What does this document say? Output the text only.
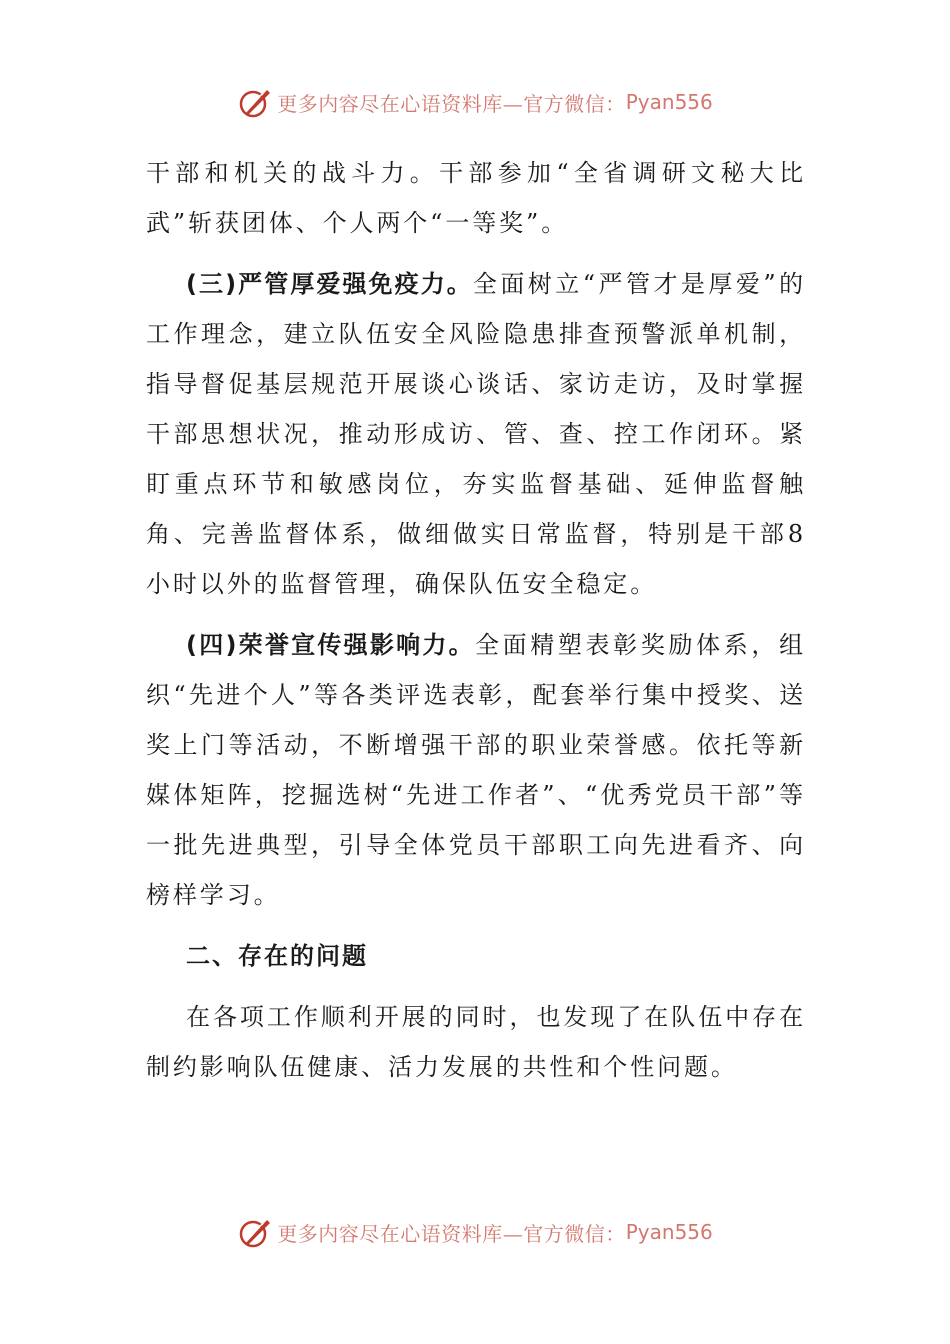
更多内容尽在心语资料库—官方微信： Pyan556

干部和机关的战斗力。干部参加“全省调研文秘大比武”斩获团体、个人两个“一等奖”。

(三)严管厚爱强免疫力。全面树立“严管才是厚爱”的工作理念，建立队伍安全风险隐患排查预警派单机制，指导督促基层规范开展谈心谈话、家访走访，及时掌握干部思想状况，推动形成访、管、查、控工作闭环。紧盯重点环节和敏感岗位，夯实监督基础、延伸监督触角、完善监督体系，做细做实日常监督，特别是干部8小时以外的监督管理，确保队伍安全稳定。

(四)荣誉宣传强影响力。全面精塑表彰奖励体系，组织“先进个人”等各类评选表彰，配套举行集中授奖、送奖上门等活动，不断增强干部的职业荣誉感。依托等新媒体矩阵，挖掘选树“先进工作者”、“优秀党员干部”等一批先进典型，引导全体党员干部职工向先进看齐、向榜样学习。

二、存在的问题

在各项工作顺利开展的同时，也发现了在队伍中存在制约影响队伍健康、活力发展的共性和个性问题。

更多内容尽在心语资料库—官方微信： Pyan556
